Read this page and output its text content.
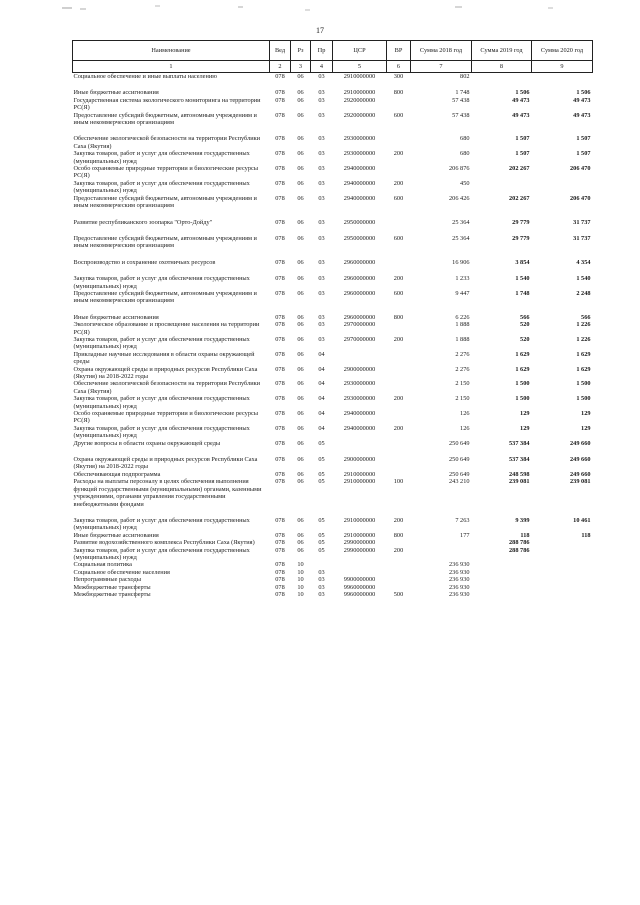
17
Наименование	Вед	Рз	Пр	ЦСР	ВР	Сумма 2018 год	Сумма 2019 год	Сумма 2020 год
1	2	3	4	5	6	7	8	9
Социальное обеспечение и иные выплаты населению	078	06	03	2910000000	300	802		

Иные бюджетные ассигнования	078	06	03	2910000000	800	1 748	1 506	1 506
Государственная система экологического мониторинга на территории РС(Я)	078	06	03	2920000000		57 438	49 473	49 473
Предоставление субсидий бюджетным, автономным учреждениям и иным некоммерческим организациям	078	06	03	2920000000	600	57 438	49 473	49 473

Обеспечение экологической безопасности на территории Республики Саха (Якутия)	078	06	03	2930000000		680	1 507	1 507
Закупка товаров, работ и услуг для обеспечения государственных (муниципальных) нужд	078	06	03	2930000000	200	680	1 507	1 507
Особо охраняемые природные территории и биологические ресурсы РС(Я)	078	06	03	2940000000		206 876	202 267	206 470
Закупка товаров, работ и услуг для обеспечения государственных (муниципальных) нужд	078	06	03	2940000000	200	450		
Предоставление субсидий бюджетным, автономным учреждениям и иным некоммерческим организациям	078	06	03	2940000000	600	206 426	202 267	206 470

Развитие республиканского зоопарка "Орто-Дойду"	078	06	03	2950000000		25 364	29 779	31 737

Предоставление субсидий бюджетным, автономным учреждениям и иным некоммерческим организациям	078	06	03	2950000000	600	25 364	29 779	31 737

Воспроизводство и сохранение охотничьих ресурсов	078	06	03	2960000000		16 906	3 854	4 354

Закупка товаров, работ и услуг для обеспечения государственных (муниципальных) нужд	078	06	03	2960000000	200	1 233	1 540	1 540
Предоставление субсидий бюджетным, автономным учреждениям и иным некоммерческим организациям	078	06	03	2960000000	600	9 447	1 748	2 248

Иные бюджетные ассигнования	078	06	03	2960000000	800	6 226	566	566
Экологическое образование и просвещение населения на территории РС(Я)	078	06	03	2970000000		1 888	520	1 226
Закупка товаров, работ и услуг для обеспечения государственных (муниципальных) нужд	078	06	03	2970000000	200	1 888	520	1 226
Прикладные научные исследования в области охраны окружающей среды	078	06	04			2 276	1 629	1 629
Охрана окружающей среды и природных ресурсов Республики Саха (Якутия) на 2018-2022 годы	078	06	04	2900000000		2 276	1 629	1 629
Обеспечение экологической безопасности на территории Республики Саха (Якутия)	078	06	04	2930000000		2 150	1 500	1 500
Закупка товаров, работ и услуг для обеспечения государственных (муниципальных) нужд	078	06	04	2930000000	200	2 150	1 500	1 500
Особо охраняемые природные территории и биологические ресурсы РС(Я)	078	06	04	2940000000		126	129	129
Закупка товаров, работ и услуг для обеспечения государственных (муниципальных) нужд	078	06	04	2940000000	200	126	129	129
Другие вопросы в области охраны окружающей среды	078	06	05			250 649	537 384	249 660

Охрана окружающей среды и природных ресурсов Республики Саха (Якутия) на 2018-2022 годы	078	06	05	2900000000		250 649	537 384	249 660
Обеспечивающая подпрограмма	078	06	05	2910000000		250 649	248 598	249 660
Расходы на выплаты персоналу в целях обеспечения выполнения функций государственными (муниципальными) органами, казенными учреждениями, органами управления государственными внебюджетными фондами	078	06	05	2910000000	100	243 210	239 081	239 081

Закупка товаров, работ и услуг для обеспечения государственных (муниципальных) нужд	078	06	05	2910000000	200	7 263	9 399	10 461
Иные бюджетные ассигнования	078	06	05	2910000000	800	177	118	118
Развитие водохозяйственного комплекса Республики Саха (Якутия)	078	06	05	2990000000			288 786	
Закупка товаров, работ и услуг для обеспечения государственных (муниципальных) нужд	078	06	05	2990000000	200		288 786	
Социальная политика	078	10				236 930		
Социальное обеспечение населения	078	10	03			236 930		
Непрограммные расходы	078	10	03	9900000000		236 930		
Межбюджетные трансферты	078	10	03	9960000000		236 930		
Межбюджетные трансферты	078	10	03	9960000000	500	236 930		
